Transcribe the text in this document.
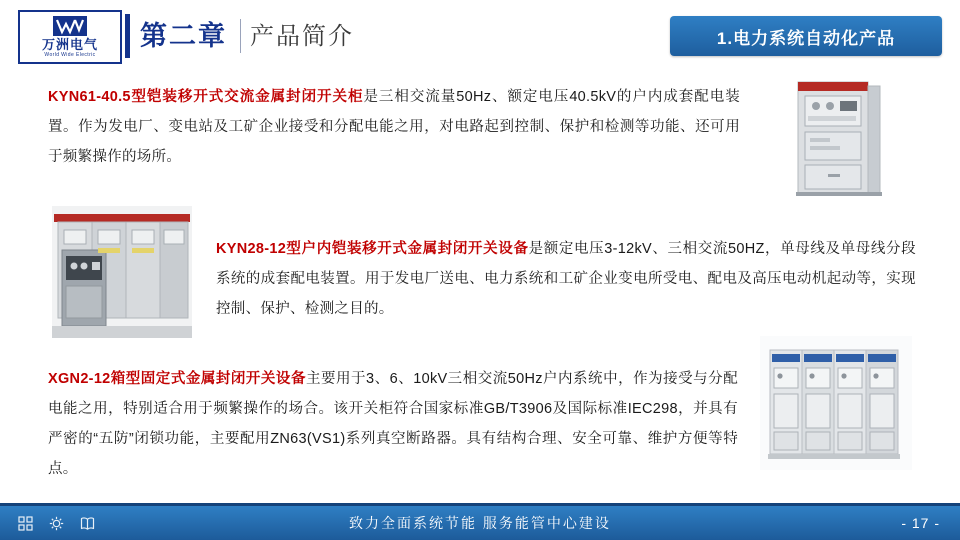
万洲电气
World Wide Electric
第二章 产品简介	1.电力系统自动化产品
KYN61-40.5型铠装移开式交流金属封闭开关柜是三相交流量50Hz、额定电压40.5kV的户内成套配电装置。作为发电厂、变电站及工矿企业接受和分配电能之用，对电路起到控制、保护和检测等功能、还可用于频繁操作的场所。
KYN28-12型户内铠装移开式金属封闭开关设备是额定电压3-12kV、三相交流50HZ，单母线及单母线分段系统的成套配电装置。用于发电厂送电、电力系统和工矿企业变电所受电、配电及高压电动机起动等，实现控制、保护、检测之目的。
XGN2-12箱型固定式金属封闭开关设备主要用于3、6、10kV三相交流50Hz户内系统中，作为接受与分配电能之用，特别适合用于频繁操作的场合。该开关柜符合国家标准GB/T3906及国际标准IEC298，并具有严密的“五防”闭锁功能，主要配用ZN63(VS1)系列真空断路器。具有结构合理、安全可靠、维护方便等特点。
致力全面系统节能 服务能管中心建设	- 17 -
